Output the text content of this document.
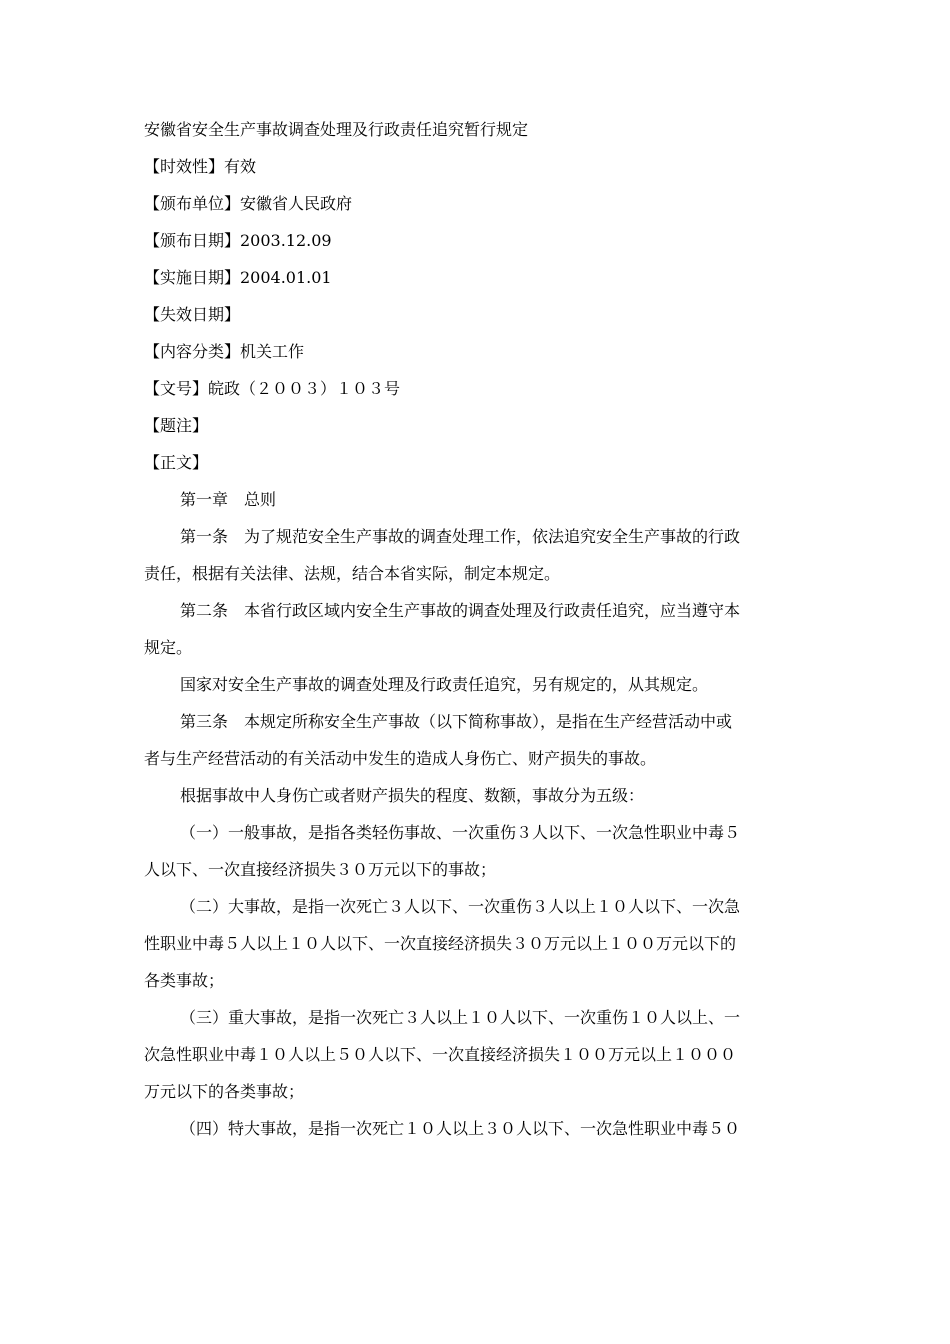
安徽省安全生产事故调查处理及行政责任追究暂行规定
【时效性】有效
【颁布单位】安徽省人民政府
【颁布日期】2003.12.09
【实施日期】2004.01.01
【失效日期】
【内容分类】机关工作
【文号】皖政（２００３）１０３号
【题注】
【正文】
第一章　总则
第一条　为了规范安全生产事故的调查处理工作，依法追究安全生产事故的行政
责任，根据有关法律、法规，结合本省实际，制定本规定。
第二条　本省行政区域内安全生产事故的调查处理及行政责任追究，应当遵守本
规定。
国家对安全生产事故的调查处理及行政责任追究，另有规定的，从其规定。
第三条　本规定所称安全生产事故（以下简称事故），是指在生产经营活动中或
者与生产经营活动的有关活动中发生的造成人身伤亡、财产损失的事故。
根据事故中人身伤亡或者财产损失的程度、数额，事故分为五级：
（一）一般事故，是指各类轻伤事故、一次重伤３人以下、一次急性职业中毒５
人以下、一次直接经济损失３０万元以下的事故；
（二）大事故，是指一次死亡３人以下、一次重伤３人以上１０人以下、一次急
性职业中毒５人以上１０人以下、一次直接经济损失３０万元以上１００万元以下的
各类事故；
（三）重大事故，是指一次死亡３人以上１０人以下、一次重伤１０人以上、一
次急性职业中毒１０人以上５０人以下、一次直接经济损失１００万元以上１０００
万元以下的各类事故；
（四）特大事故，是指一次死亡１０人以上３０人以下、一次急性职业中毒５０
